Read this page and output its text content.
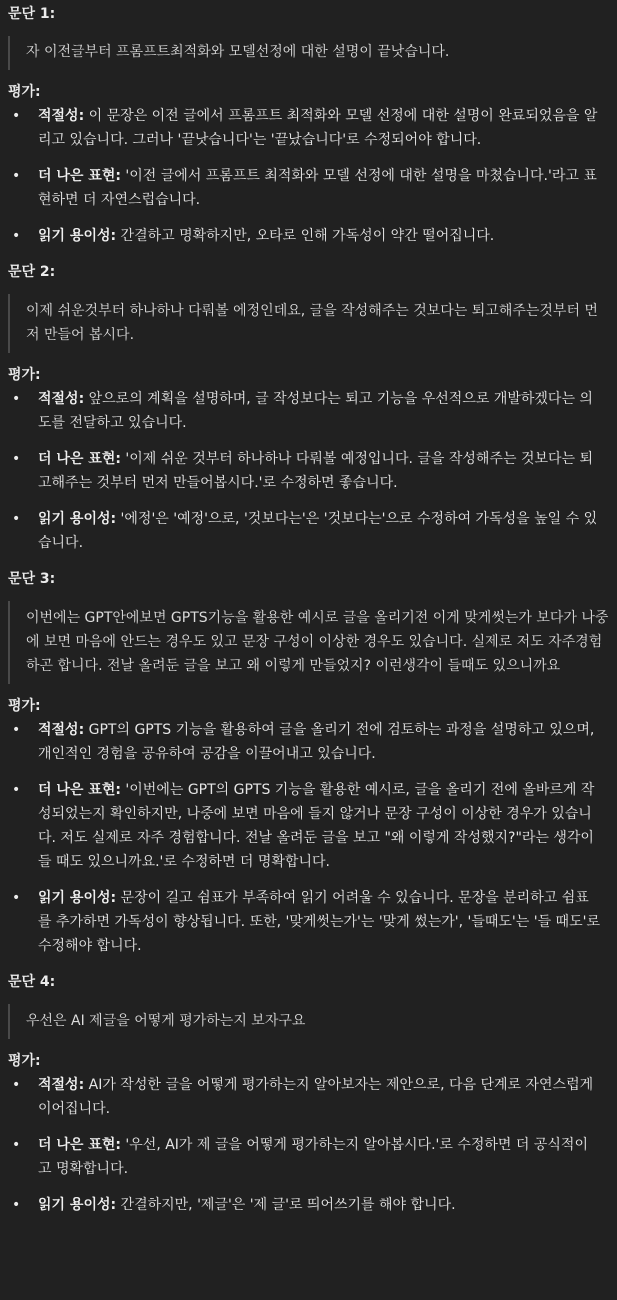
문단 1:
자 이전글부터 프롬프트최적화와 모델선정에 대한 설명이 끝낫습니다.
평가:
• 적절성: 이 문장은 이전 글에서 프롬프트 최적화와 모델 선정에 대한 설명이 완료되었음을 알리고 있습니다. 그러나 '끝낫습니다'는 '끝났습니다'로 수정되어야 합니다.
• 더 나은 표현: '이전 글에서 프롬프트 최적화와 모델 선정에 대한 설명을 마쳤습니다.'라고 표현하면 더 자연스럽습니다.
• 읽기 용이성: 간결하고 명확하지만, 오타로 인해 가독성이 약간 떨어집니다.
문단 2:
이제 쉬운것부터 하나하나 다뤄볼 에정인데요, 글을 작성해주는 것보다는 퇴고해주는것부터 먼저 만들어 봅시다.
평가:
• 적절성: 앞으로의 계획을 설명하며, 글 작성보다는 퇴고 기능을 우선적으로 개발하겠다는 의도를 전달하고 있습니다.
• 더 나은 표현: '이제 쉬운 것부터 하나하나 다뤄볼 예정입니다. 글을 작성해주는 것보다는 퇴고해주는 것부터 먼저 만들어봅시다.'로 수정하면 좋습니다.
• 읽기 용이성: '에정'은 '예정'으로, '것보다는'은 '것보다는'으로 수정하여 가독성을 높일 수 있습니다.
문단 3:
이번에는 GPT안에보면 GPTS기능을 활용한 예시로 글을 올리기전 이게 맞게썻는가 보다가 나중에 보면 마음에 안드는 경우도 있고 문장 구성이 이상한 경우도 있습니다. 실제로 저도 자주경험하곤 합니다. 전날 올려둔 글을 보고 왜 이렇게 만들었지? 이런생각이 들때도 있으니까요
평가:
• 적절성: GPT의 GPTS 기능을 활용하여 글을 올리기 전에 검토하는 과정을 설명하고 있으며, 개인적인 경험을 공유하여 공감을 이끌어내고 있습니다.
• 더 나은 표현: '이번에는 GPT의 GPTS 기능을 활용한 예시로, 글을 올리기 전에 올바르게 작성되었는지 확인하지만, 나중에 보면 마음에 들지 않거나 문장 구성이 이상한 경우가 있습니다. 저도 실제로 자주 경험합니다. 전날 올려둔 글을 보고 "왜 이렇게 작성했지?"라는 생각이 들 때도 있으니까요.'로 수정하면 더 명확합니다.
• 읽기 용이성: 문장이 길고 쉼표가 부족하여 읽기 어려울 수 있습니다. 문장을 분리하고 쉼표를 추가하면 가독성이 향상됩니다. 또한, '맞게썻는가'는 '맞게 썼는가', '들때도'는 '들 때도'로 수정해야 합니다.
문단 4:
우선은 AI 제글을 어떻게 평가하는지 보자구요
평가:
• 적절성: AI가 작성한 글을 어떻게 평가하는지 알아보자는 제안으로, 다음 단계로 자연스럽게 이어집니다.
• 더 나은 표현: '우선, AI가 제 글을 어떻게 평가하는지 알아봅시다.'로 수정하면 더 공식적이고 명확합니다.
• 읽기 용이성: 간결하지만, '제글'은 '제 글'로 띄어쓰기를 해야 합니다.
